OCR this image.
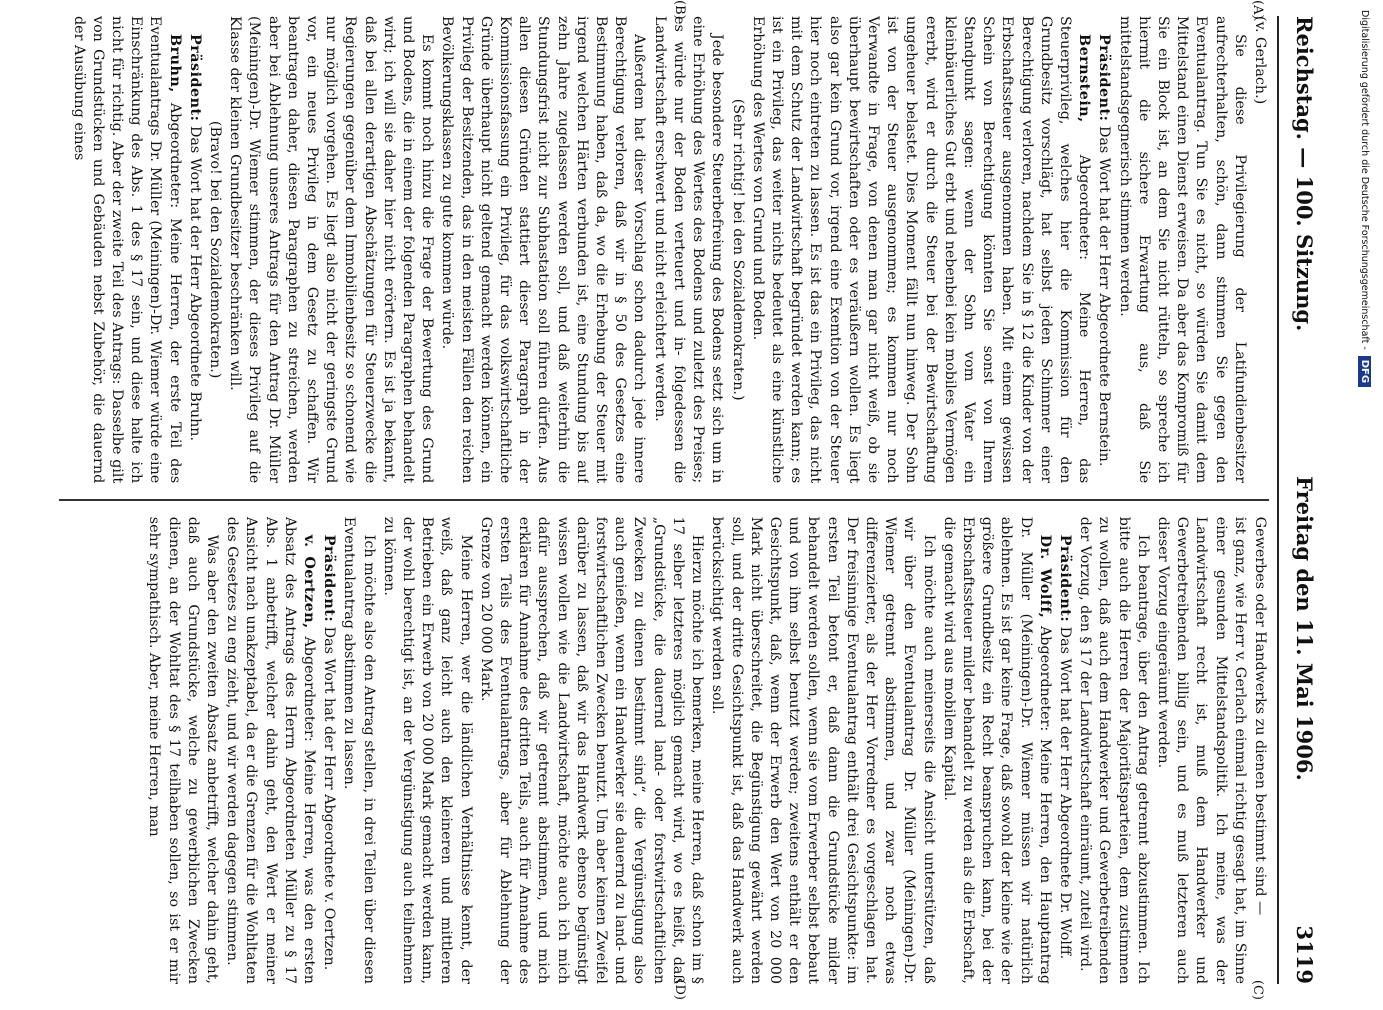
Reichstag. — 100. Sitzung.
Freitag den 11. Mai 1906.
3119

(v. Gerlach.)

Sie diese Privilegierung der Latifundienbesitzer aufrechterhalten, schön, dann stimmen Sie gegen den Eventualantrag. Tun Sie es nicht, so würden Sie damit dem Mittelstand einen Dienst erweisen. Da aber das Kompromiß für Sie ein Block ist, an dem Sie nicht rütteln, so spreche ich hiermit die sichere Erwartung aus, daß Sie mittelstandsgegnerisch stimmen werden.

Präsident: Das Wort hat der Herr Abgeordnete Bernstein.

Bernstein, Abgeordneter: Meine Herren, das Steuerprivileg, welches hier die Kommission für den Grundbesitz vorschlägt, hat selbst jeden Schimmer einer Berechtigung verloren, nachdem Sie in § 12 die Kinder von der Erbschaftssteuer ausgenommen haben. Mit einem gewissen Schein von Berechtigung könnten Sie sonst von Ihrem Standpunkt sagen: wenn der Sohn vom Vater ein kleinbäuerliches Gut erbt und nebenbei kein mobiles Vermögen ererbt, wird er durch die Steuer bei der Bewirtschaftung ungeheuer belastet. Dies Moment fällt nun hinweg. Der Sohn ist von der Steuer ausgenommen; es kommen nur noch Verwandte in Frage, von denen man gar nicht weiß, ob sie überhaupt bewirtschaften oder es veräußern wollen. Es liegt also gar kein Grund vor, irgend eine Exemtion von der Steuer hier noch eintreten zu lassen. Es ist das ein Privileg, das nicht mit dem Schutz der Landwirtschaft begründet werden kann; es ist ein Privileg, das weiter nichts bedeutet als eine künstliche Erhöhung des Wertes von Grund und Boden.

(Sehr richtig! bei den Sozialdemokraten.)

Jede besondere Steuerbefreiung des Bodens setzt sich um in eine Erhöhung des Wertes des Bodens und zuletzt des Preises; es würde nur der Boden verteuert und in- folgedessen die Landwirtschaft erschwert und nicht erleichtert werden.

Außerdem hat dieser Vorschlag schon dadurch jede innere Berechtigung verloren, daß wir in § 50 des Gesetzes eine Bestimmung haben, daß da, wo die Erhebung der Steuer mit irgend welchen Härten verbunden ist, eine Stundung bis auf zehn Jahre zugelassen werden soll, und daß weiterhin die Stundungsfrist nicht zur Subhastation soll führen dürfen. Aus allen diesen Gründen stattiert dieser Paragraph in der Kommissionsfassung ein Privileg, für das volkswirtschaftliche Gründe überhaupt nicht geltend gemacht werden können, ein Privileg der Besitzenden, das in den meisten Fällen den reichen Bevölkerungsklassen zu gute kommen würde.

Es kommt noch hinzu die Frage der Bewertung des Grund und Bodens, die in einem der folgenden Paragraphen behandelt wird; ich will sie daher hier nicht erörtern. Es ist ja bekannt, daß bei allen derartigen Abschätzungen für Steuerzwecke die Regierungen gegenüber dem Immobilienbesitz so schonend wie nur möglich vorgehen. Es liegt also nicht der geringste Grund vor, ein neues Privileg in dem Gesetz zu schaffen. Wir beantragen daher, diesen Paragraphen zu streichen, werden aber bei Ablehnung unseres Antrags für den Antrag Dr. Müller (Meiningen)-Dr. Wiemer stimmen, der dieses Privileg auf die Klasse der kleinen Grundbesitzer beschränken will.

(Bravo! bei den Sozialdemokraten.)

Präsident: Das Wort hat der Herr Abgeordnete Bruhn.

Bruhn, Abgeordneter: Meine Herren, der erste Teil des Eventualantrags Dr. Müller (Meiningen)-Dr. Wiemer würde eine Einschränkung des Abs. 1 des § 17 sein, und diese halte ich nicht für richtig. Aber der zweite Teil des Antrags: Dasselbe gilt von Grundstücken und Gebäuden nebst Zubehör, die dauernd der Ausübung eines

Gewerbes oder Handwerks zu dienen bestimmt sind —

ist ganz, wie Herr v. Gerlach einmal richtig gesagt hat, im Sinne einer gesunden Mittelstandspolitik. Ich meine, was der Landwirtschaft recht ist, muß dem Handwerker und Gewerbetreibenden billig sein, und es muß letzteren auch dieser Vorzug eingeräumt werden.

Ich beantrage, über den Antrag getrennt abzustimmen. Ich bitte auch die Herren der Majoritätsparteien, dem zustimmen zu wollen, daß auch dem Handwerker und Gewerbetreibenden der Vorzug, den § 17 der Landwirtschaft einräumt, zuteil wird.

Präsident: Das Wort hat der Herr Abgeordnete Dr. Wolff.

Dr. Wolff, Abgeordneter: Meine Herren, den Hauptantrag Dr. Müller (Meiningen)-Dr. Wiemer müssen wir natürlich ablehnen. Es ist gar keine Frage, daß sowohl der kleine wie der größere Grundbesitz ein Recht beanspruchen kann, bei der Erbschaftssteuer milder behandelt zu werden als die Erbschaft, die gemacht wird aus mobilem Kapital.

Ich möchte auch meinerseits die Ansicht unterstützen, daß wir über den Eventualantrag Dr. Müller (Meiningen)-Dr. Wiemer getrennt abstimmen, und zwar noch etwas differenzierter, als der Herr Vorredner es vorgeschlagen hat. Der freisinnige Eventualantrag enthält drei Gesichtspunkte: im ersten Teil betont er, daß dann die Grundstücke milder behandelt werden sollen, wenn sie vom Erwerber selbst bebaut und von ihm selbst benutzt werden; zweitens enthält er den Gesichtspunkt, daß, wenn der Erwerb den Wert von 20 000 Mark nicht überschreitet, die Begünstigung gewährt werden soll, und der dritte Gesichtspunkt ist, daß das Handwerk auch berücksichtigt werden soll.

Hierzu möchte ich bemerken, meine Herren, daß schon im § 17 selber letzteres möglich gemacht wird, wo es heißt, daß „Grundstücke, die dauernd land- oder forstwirtschaftlichen Zwecken zu dienen bestimmt sind“, die Vergünstigung also auch genießen, wenn ein Handwerker sie dauernd zu land- und forstwirtschaftlichen Zwecken benutzt. Um aber keinen Zweifel darüber zu lassen, daß wir das Handwerk ebenso begünstigt wissen wollen wie die Landwirtschaft, möchte auch ich mich dafür aussprechen, daß wir getrennt abstimmen, und mich erklären für Annahme des dritten Teils, auch für Annahme des ersten Teils des Eventualantrags, aber für Ablehnung der Grenze von 20 000 Mark.

Meine Herren, wer die ländlichen Verhältnisse kennt, der weiß, daß ganz leicht auch den kleineren und mittleren Betrieben ein Erwerb von 20 000 Mark gemacht werden kann, der wohl berechtigt ist, an der Vergünstigung auch teilnehmen zu können.

Ich möchte also den Antrag stellen, in drei Teilen über diesen Eventualantrag abstimmen zu lassen.

Präsident: Das Wort hat der Herr Abgeordnete v. Oertzen.

v. Oertzen, Abgeordneter: Meine Herren, was den ersten Absatz des Antrags des Herrn Abgeordneten Müller zu § 17 Abs. 1 anbetrifft, welcher dahin geht, den Wert er meiner Ansicht nach unakzeptabel, da er die Grenzen für die Wohltaten des Gesetzes zu eng zieht, und wir werden dagegen stimmen.

Was aber den zweiten Absatz anbetrifft, welcher dahin geht, daß auch Grundstücke, welche zu gewerblichen Zwecken dienen, an der Wohltat des § 17 teilhaben sollen, so ist er mir sehr sympathisch. Aber, meine Herren, man

(A)
(B)
(C)
(D)
Digitalisierung gefördert durch die Deutsche Forschungsgemeinschaft -
DFG
